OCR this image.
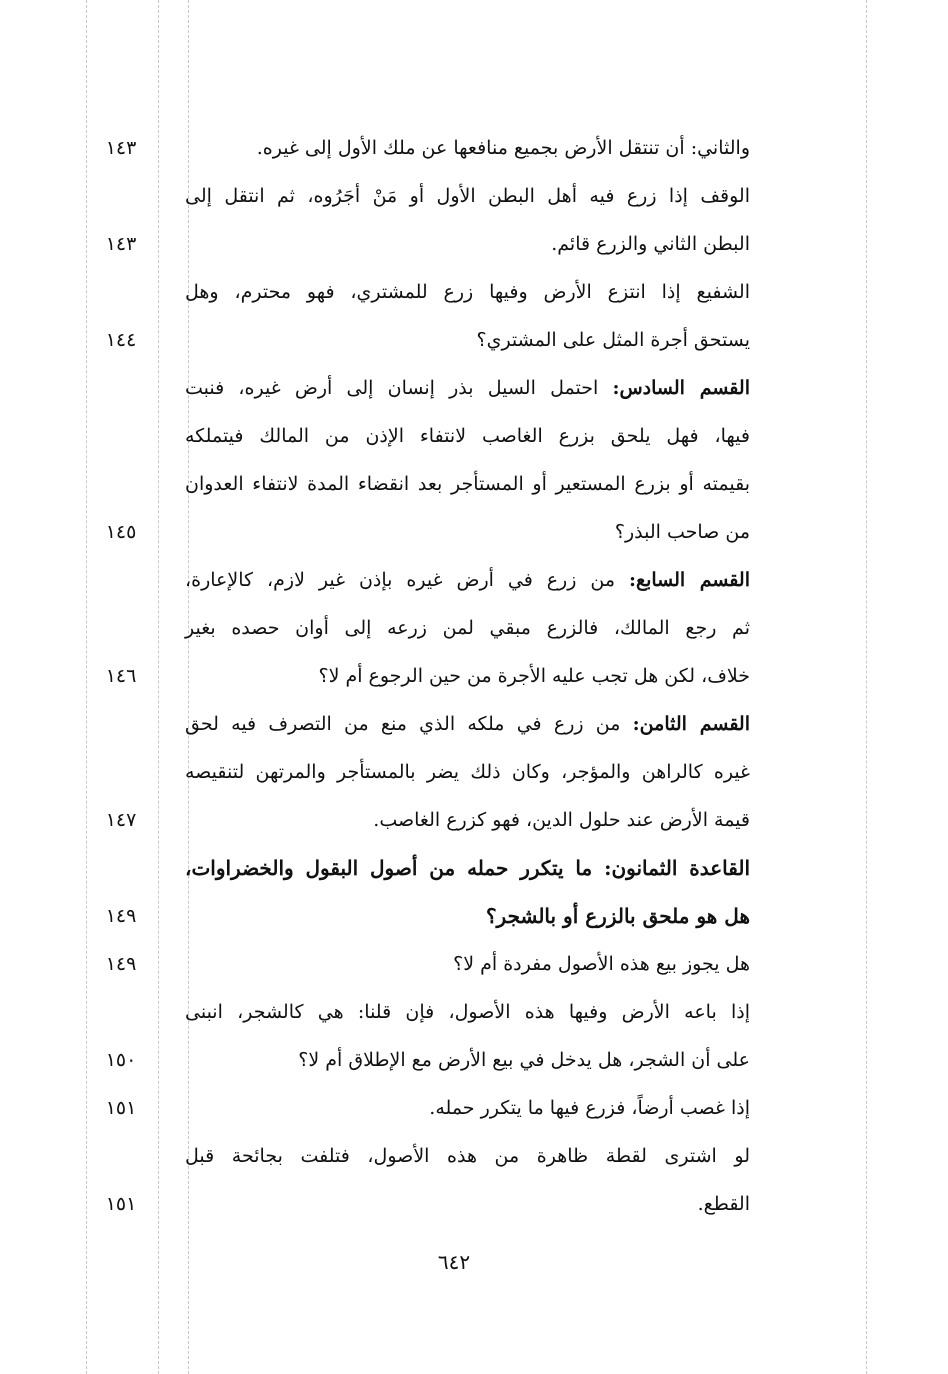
والثاني: أن تنتقل الأرض بجميع منافعها عن ملك الأول إلى غيره.
١٤٣
الوقف إذا زرع فيه أهل البطن الأول أو مَنْ أجَرُوه، ثم انتقل إلى
البطن الثاني والزرع قائم.
١٤٣
الشفيع إذا انتزع الأرض وفيها زرع للمشتري، فهو محترم، وهل
يستحق أجرة المثل على المشتري؟
١٤٤
القسم السادس: احتمل السيل بذر إنسان إلى أرض غيره، فنبت
فيها، فهل يلحق بزرع الغاصب لانتفاء الإذن من المالك فيتملكه
بقيمته أو بزرع المستعير أو المستأجر بعد انقضاء المدة لانتفاء العدوان
من صاحب البذر؟
١٤٥
القسم السابع: من زرع في أرض غيره بإذن غير لازم، كالإعارة،
ثم رجع المالك، فالزرع مبقي لمن زرعه إلى أوان حصده بغير
خلاف، لكن هل تجب عليه الأجرة من حين الرجوع أم لا؟
١٤٦
القسم الثامن: من زرع في ملكه الذي منع من التصرف فيه لحق
غيره كالراهن والمؤجر، وكان ذلك يضر بالمستأجر والمرتهن لتنقيصه
قيمة الأرض عند حلول الدين، فهو كزرع الغاصب.
١٤٧
القاعدة الثمانون: ما يتكرر حمله من أصول البقول والخضراوات،
هل هو ملحق بالزرع أو بالشجر؟
١٤٩
هل يجوز بيع هذه الأصول مفردة أم لا؟
١٤٩
إذا باعه الأرض وفيها هذه الأصول، فإن قلنا: هي كالشجر، انبنى
على أن الشجر، هل يدخل في بيع الأرض مع الإطلاق أم لا؟
١٥٠
إذا غصب أرضاً، فزرع فيها ما يتكرر حمله.
١٥١
لو اشترى لقطة ظاهرة من هذه الأصول، فتلفت بجائحة قبل
القطع.
١٥١
٦٤٢
